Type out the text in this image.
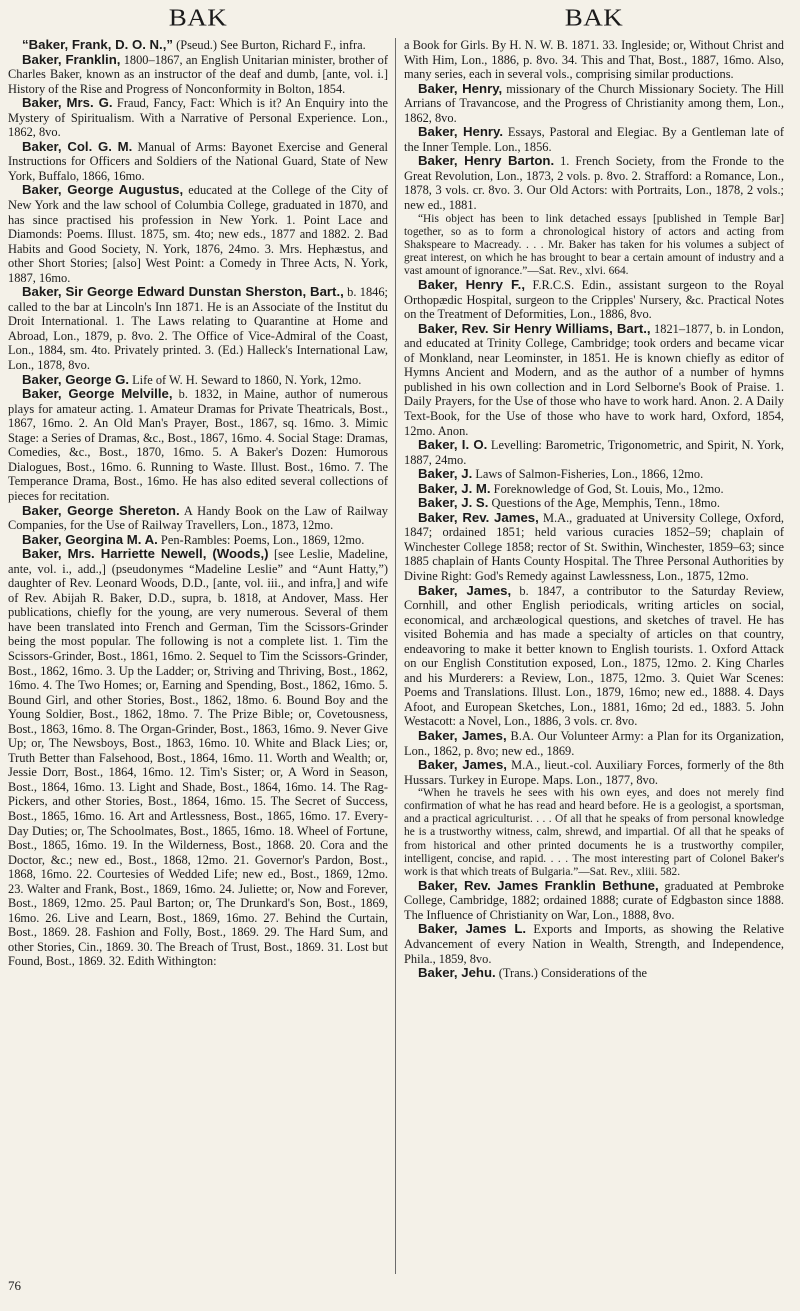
BAK	BAK

“Baker, Frank, D. O. N.,” (Pseud.) See Burton, Richard F., infra.

Baker, Franklin, 1800–1867, an English Unitarian minister, brother of Charles Baker, known as an instructor of the deaf and dumb, [ante, vol. i.] History of the Rise and Progress of Nonconformity in Bolton, 1854.

Baker, Mrs. G. Fraud, Fancy, Fact: Which is it? An Enquiry into the Mystery of Spiritualism. With a Narrative of Personal Experience. Lon., 1862, 8vo.

Baker, Col. G. M. Manual of Arms: Bayonet Exercise and General Instructions for Officers and Soldiers of the National Guard, State of New York, Buffalo, 1866, 16mo.

Baker, George Augustus, educated at the College of the City of New York and the law school of Columbia College, graduated in 1870, and has since practised his profession in New York. 1. Point Lace and Diamonds: Poems. Illust. 1875, sm. 4to; new eds., 1877 and 1882. 2. Bad Habits and Good Society, N. York, 1876, 24mo. 3. Mrs. Hephæstus, and other Short Stories; [also] West Point: a Comedy in Three Acts, N. York, 1887, 16mo.

Baker, Sir George Edward Dunstan Sherston, Bart., b. 1846; called to the bar at Lincoln's Inn 1871. He is an Associate of the Institut du Droit International. 1. The Laws relating to Quarantine at Home and Abroad, Lon., 1879, p. 8vo. 2. The Office of Vice-Admiral of the Coast, Lon., 1884, sm. 4to. Privately printed. 3. (Ed.) Halleck's International Law, Lon., 1878, 8vo.

Baker, George G. Life of W. H. Seward to 1860, N. York, 12mo.

Baker, George Melville, b. 1832, in Maine, author of numerous plays for amateur acting. 1. Amateur Dramas for Private Theatricals, Bost., 1867, 16mo. 2. An Old Man's Prayer, Bost., 1867, sq. 16mo. 3. Mimic Stage: a Series of Dramas, &c., Bost., 1867, 16mo. 4. Social Stage: Dramas, Comedies, &c., Bost., 1870, 16mo. 5. A Baker's Dozen: Humorous Dialogues, Bost., 16mo. 6. Running to Waste. Illust. Bost., 16mo. 7. The Temperance Drama, Bost., 16mo. He has also edited several collections of pieces for recitation.

Baker, George Shereton. A Handy Book on the Law of Railway Companies, for the Use of Railway Travellers, Lon., 1873, 12mo.

Baker, Georgina M. A. Pen-Rambles: Poems, Lon., 1869, 12mo.

Baker, Mrs. Harriette Newell, (Woods,) [see Leslie, Madeline, ante, vol. i., add.,] (pseudonymes “Madeline Leslie” and “Aunt Hatty,”) daughter of Rev. Leonard Woods, D.D., [ante, vol. iii., and infra,] and wife of Rev. Abijah R. Baker, D.D., supra, b. 1818, at Andover, Mass. Her publications, chiefly for the young, are very numerous. Several of them have been translated into French and German, Tim the Scissors-Grinder being the most popular. The following is not a complete list. 1. Tim the Scissors-Grinder, Bost., 1861, 16mo. 2. Sequel to Tim the Scissors-Grinder, Bost., 1862, 16mo. 3. Up the Ladder; or, Striving and Thriving, Bost., 1862, 16mo. 4. The Two Homes; or, Earning and Spending, Bost., 1862, 16mo. 5. Bound Girl, and other Stories, Bost., 1862, 18mo. 6. Bound Boy and the Young Soldier, Bost., 1862, 18mo. 7. The Prize Bible; or, Covetousness, Bost., 1863, 16mo. 8. The Organ-Grinder, Bost., 1863, 16mo. 9. Never Give Up; or, The Newsboys, Bost., 1863, 16mo. 10. White and Black Lies; or, Truth Better than Falsehood, Bost., 1864, 16mo. 11. Worth and Wealth; or, Jessie Dorr, Bost., 1864, 16mo. 12. Tim's Sister; or, A Word in Season, Bost., 1864, 16mo. 13. Light and Shade, Bost., 1864, 16mo. 14. The Rag-Pickers, and other Stories, Bost., 1864, 16mo. 15. The Secret of Success, Bost., 1865, 16mo. 16. Art and Artlessness, Bost., 1865, 16mo. 17. Every-Day Duties; or, The Schoolmates, Bost., 1865, 16mo. 18. Wheel of Fortune, Bost., 1865, 16mo. 19. In the Wilderness, Bost., 1868. 20. Cora and the Doctor, &c.; new ed., Bost., 1868, 12mo. 21. Governor's Pardon, Bost., 1868, 16mo. 22. Courtesies of Wedded Life; new ed., Bost., 1869, 12mo. 23. Walter and Frank, Bost., 1869, 16mo. 24. Juliette; or, Now and Forever, Bost., 1869, 12mo. 25. Paul Barton; or, The Drunkard's Son, Bost., 1869, 16mo. 26. Live and Learn, Bost., 1869, 16mo. 27. Behind the Curtain, Bost., 1869. 28. Fashion and Folly, Bost., 1869. 29. The Hard Sum, and other Stories, Cin., 1869. 30. The Breach of Trust, Bost., 1869. 31. Lost but Found, Bost., 1869. 32. Edith Withington:

a Book for Girls. By H. N. W. B. 1871. 33. Ingleside; or, Without Christ and With Him, Lon., 1886, p. 8vo. 34. This and That, Bost., 1887, 16mo. Also, many series, each in several vols., comprising similar productions.

Baker, Henry, missionary of the Church Missionary Society. The Hill Arrians of Travancose, and the Progress of Christianity among them, Lon., 1862, 8vo.

Baker, Henry. Essays, Pastoral and Elegiac. By a Gentleman late of the Inner Temple. Lon., 1856.

Baker, Henry Barton. 1. French Society, from the Fronde to the Great Revolution, Lon., 1873, 2 vols. p. 8vo. 2. Strafford: a Romance, Lon., 1878, 3 vols. cr. 8vo. 3. Our Old Actors: with Portraits, Lon., 1878, 2 vols.; new ed., 1881.

“His object has been to link detached essays [published in Temple Bar] together, so as to form a chronological history of actors and acting from Shakspeare to Macready. . . . Mr. Baker has taken for his volumes a subject of great interest, on which he has brought to bear a certain amount of industry and a vast amount of ignorance.”—Sat. Rev., xlvi. 664.

Baker, Henry F., F.R.C.S. Edin., assistant surgeon to the Royal Orthopædic Hospital, surgeon to the Cripples' Nursery, &c. Practical Notes on the Treatment of Deformities, Lon., 1886, 8vo.

Baker, Rev. Sir Henry Williams, Bart., 1821–1877, b. in London, and educated at Trinity College, Cambridge; took orders and became vicar of Monkland, near Leominster, in 1851. He is known chiefly as editor of Hymns Ancient and Modern, and as the author of a number of hymns published in his own collection and in Lord Selborne's Book of Praise. 1. Daily Prayers, for the Use of those who have to work hard. Anon. 2. A Daily Text-Book, for the Use of those who have to work hard, Oxford, 1854, 12mo. Anon.

Baker, I. O. Levelling: Barometric, Trigonometric, and Spirit, N. York, 1887, 24mo.

Baker, J. Laws of Salmon-Fisheries, Lon., 1866, 12mo.

Baker, J. M. Foreknowledge of God, St. Louis, Mo., 12mo.

Baker, J. S. Questions of the Age, Memphis, Tenn., 18mo.

Baker, Rev. James, M.A., graduated at University College, Oxford, 1847; ordained 1851; held various curacies 1852–59; chaplain of Winchester College 1858; rector of St. Swithin, Winchester, 1859–63; since 1885 chaplain of Hants County Hospital. The Three Personal Authorities by Divine Right: God's Remedy against Lawlessness, Lon., 1875, 12mo.

Baker, James, b. 1847, a contributor to the Saturday Review, Cornhill, and other English periodicals, writing articles on social, economical, and archæological questions, and sketches of travel. He has visited Bohemia and has made a specialty of articles on that country, endeavoring to make it better known to English tourists. 1. Oxford Attack on our English Constitution exposed, Lon., 1875, 12mo. 2. King Charles and his Murderers: a Review, Lon., 1875, 12mo. 3. Quiet War Scenes: Poems and Translations. Illust. Lon., 1879, 16mo; new ed., 1888. 4. Days Afoot, and European Sketches, Lon., 1881, 16mo; 2d ed., 1883. 5. John Westacott: a Novel, Lon., 1886, 3 vols. cr. 8vo.

Baker, James, B.A. Our Volunteer Army: a Plan for its Organization, Lon., 1862, p. 8vo; new ed., 1869.

Baker, James, M.A., lieut.-col. Auxiliary Forces, formerly of the 8th Hussars. Turkey in Europe. Maps. Lon., 1877, 8vo.

“When he travels he sees with his own eyes, and does not merely find confirmation of what he has read and heard before. He is a geologist, a sportsman, and a practical agriculturist. . . . Of all that he speaks of from personal knowledge he is a trustworthy witness, calm, shrewd, and impartial. Of all that he speaks of from historical and other printed documents he is a trustworthy compiler, intelligent, concise, and rapid. . . . The most interesting part of Colonel Baker's work is that which treats of Bulgaria.”—Sat. Rev., xliii. 582.

Baker, Rev. James Franklin Bethune, graduated at Pembroke College, Cambridge, 1882; ordained 1888; curate of Edgbaston since 1888. The Influence of Christianity on War, Lon., 1888, 8vo.

Baker, James L. Exports and Imports, as showing the Relative Advancement of every Nation in Wealth, Strength, and Independence, Phila., 1859, 8vo.

Baker, Jehu. (Trans.) Considerations of the

76
